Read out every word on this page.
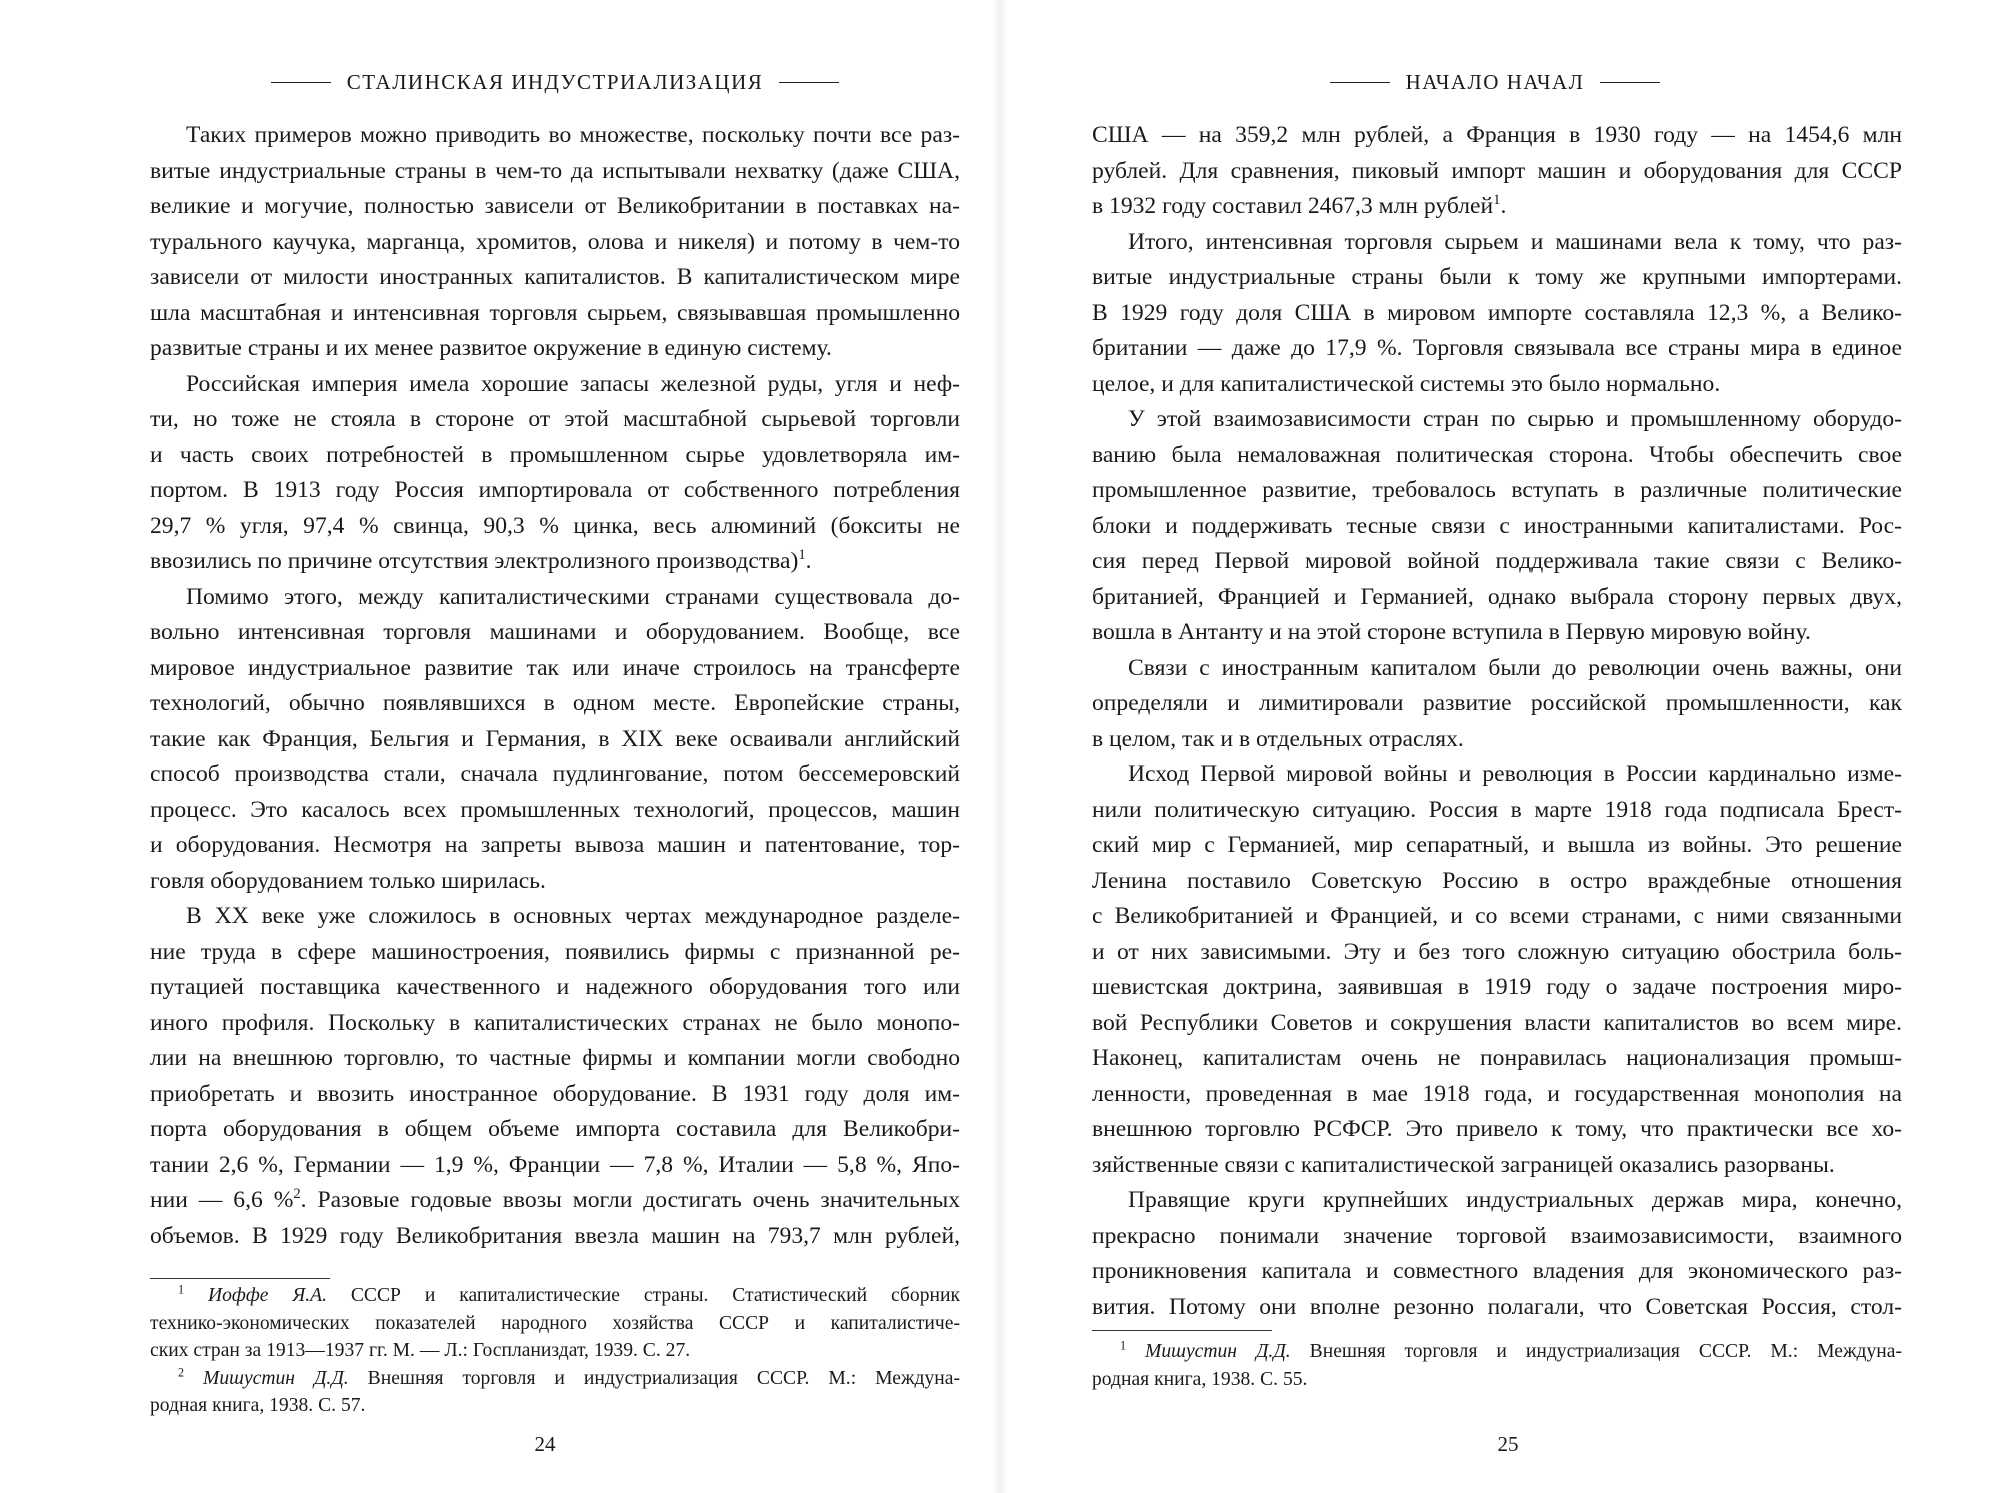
СТАЛИНСКАЯ ИНДУСТРИАЛИЗАЦИЯ
Таких примеров можно приводить во множестве, поскольку почти все раз-
витые индустриальные страны в чем-то да испытывали нехватку (даже США,
великие и могучие, полностью зависели от Великобритании в поставках на-
турального каучука, марганца, хромитов, олова и никеля) и потому в чем-то
зависели от милости иностранных капиталистов. В капиталистическом мире
шла масштабная и интенсивная торговля сырьем, связывавшая промышленно
развитые страны и их менее развитое окружение в единую систему.
Российская империя имела хорошие запасы железной руды, угля и неф-
ти, но тоже не стояла в стороне от этой масштабной сырьевой торговли
и часть своих потребностей в промышленном сырье удовлетворяла им-
портом. В 1913 году Россия импортировала от собственного потребления
29,7 % угля, 97,4 % свинца, 90,3 % цинка, весь алюминий (бокситы не
ввозились по причине отсутствия электролизного производства)$^1$.
Помимо этого, между капиталистическими странами существовала до-
вольно интенсивная торговля машинами и оборудованием. Вообще, все
мировое индустриальное развитие так или иначе строилось на трансферте
технологий, обычно появлявшихся в одном месте. Европейские страны,
такие как Франция, Бельгия и Германия, в XIX веке осваивали английский
способ производства стали, сначала пудлингование, потом бессемеровский
процесс. Это касалось всех промышленных технологий, процессов, машин
и оборудования. Несмотря на запреты вывоза машин и патентование, тор-
говля оборудованием только ширилась.
В XX веке уже сложилось в основных чертах международное разделе-
ние труда в сфере машиностроения, появились фирмы с признанной ре-
путацией поставщика качественного и надежного оборудования того или
иного профиля. Поскольку в капиталистических странах не было монопо-
лии на внешнюю торговлю, то частные фирмы и компании могли свободно
приобретать и ввозить иностранное оборудование. В 1931 году доля им-
порта оборудования в общем объеме импорта составила для Великобри-
тании 2,6 %, Германии — 1,9 %, Франции — 7,8 %, Италии — 5,8 %, Япо-
нии — 6,6 %$^2$. Разовые годовые ввозы могли достигать очень значительных
объемов. В 1929 году Великобритания ввезла машин на 793,7 млн рублей,
$^1$ Иоффе Я.А. СССР и капиталистические страны. Статистический сборник
технико-экономических показателей народного хозяйства СССР и капиталистиче-
ских стран за 1913—1937 гг. М. — Л.: Госпланиздат, 1939. С. 27.
$^2$ Мишустин Д.Д. Внешняя торговля и индустриализация СССР. М.: Междуна-
родная книга, 1938. С. 57.
24
НАЧАЛО НАЧАЛ
США — на 359,2 млн рублей, а Франция в 1930 году — на 1454,6 млн
рублей. Для сравнения, пиковый импорт машин и оборудования для СССР
в 1932 году составил 2467,3 млн рублей$^1$.
Итого, интенсивная торговля сырьем и машинами вела к тому, что раз-
витые индустриальные страны были к тому же крупными импортерами.
В 1929 году доля США в мировом импорте составляла 12,3 %, а Велико-
британии — даже до 17,9 %. Торговля связывала все страны мира в единое
целое, и для капиталистической системы это было нормально.
У этой взаимозависимости стран по сырью и промышленному оборудо-
ванию была немаловажная политическая сторона. Чтобы обеспечить свое
промышленное развитие, требовалось вступать в различные политические
блоки и поддерживать тесные связи с иностранными капиталистами. Рос-
сия перед Первой мировой войной поддерживала такие связи с Велико-
британией, Францией и Германией, однако выбрала сторону первых двух,
вошла в Антанту и на этой стороне вступила в Первую мировую войну.
Связи с иностранным капиталом были до революции очень важны, они
определяли и лимитировали развитие российской промышленности, как
в целом, так и в отдельных отраслях.
Исход Первой мировой войны и революция в России кардинально изме-
нили политическую ситуацию. Россия в марте 1918 года подписала Брест-
ский мир с Германией, мир сепаратный, и вышла из войны. Это решение
Ленина поставило Советскую Россию в остро враждебные отношения
с Великобританией и Францией, и со всеми странами, с ними связанными
и от них зависимыми. Эту и без того сложную ситуацию обострила боль-
шевистская доктрина, заявившая в 1919 году о задаче построения миро-
вой Республики Советов и сокрушения власти капиталистов во всем мире.
Наконец, капиталистам очень не понравилась национализация промыш-
ленности, проведенная в мае 1918 года, и государственная монополия на
внешнюю торговлю РСФСР. Это привело к тому, что практически все хо-
зяйственные связи с капиталистической заграницей оказались разорваны.
Правящие круги крупнейших индустриальных держав мира, конечно,
прекрасно понимали значение торговой взаимозависимости, взаимного
проникновения капитала и совместного владения для экономического раз-
вития. Потому они вполне резонно полагали, что Советская Россия, стол-
$^1$ Мишустин Д.Д. Внешняя торговля и индустриализация СССР. М.: Междуна-
родная книга, 1938. С. 55.
25
